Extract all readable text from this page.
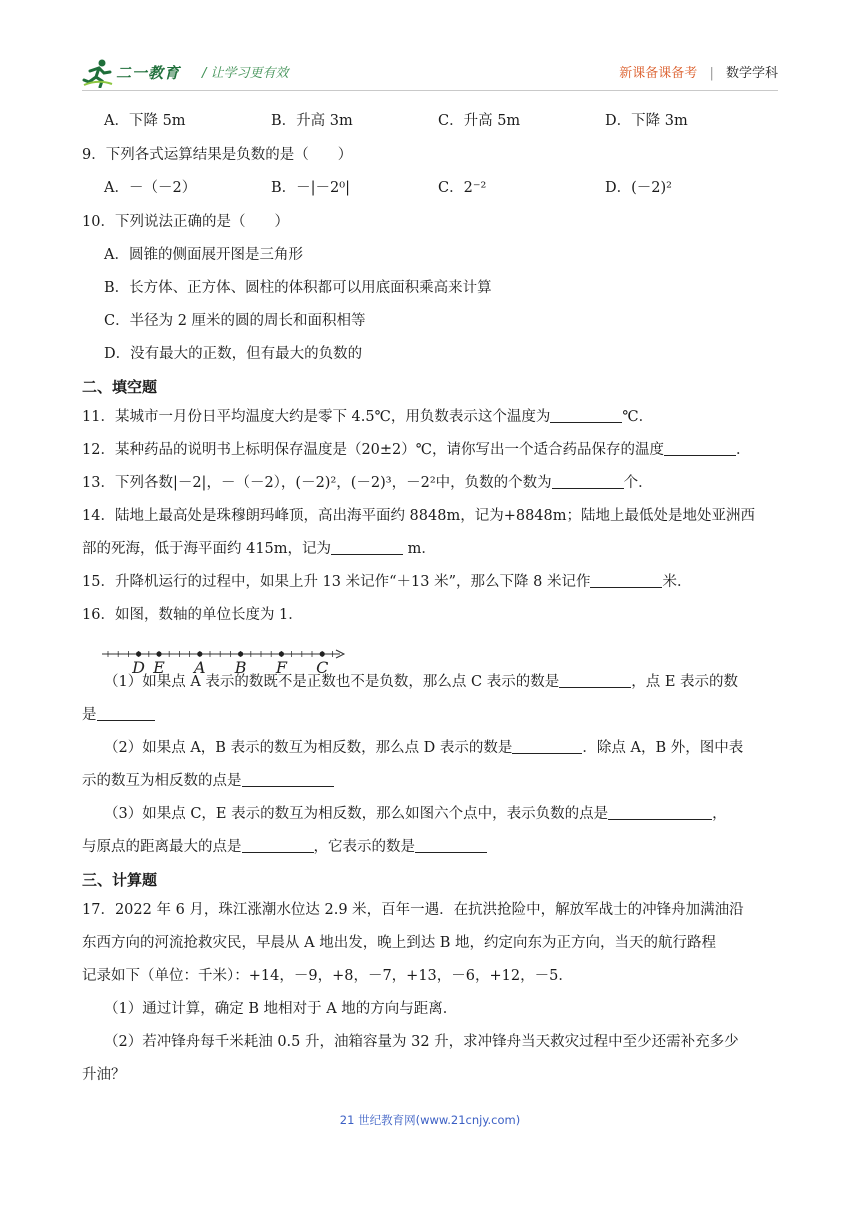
二一教育 / 让学习更有效	新课备课备考 | 数学学科
A．下降 5m	B．升高 3m	C．升高 5m	D．下降 3m
9．下列各式运算结果是负数的是（　　）
A．－（－2）	B．－|－2⁰|	C．2⁻²	D．(－2)²
10．下列说法正确的是（　　）
A．圆锥的侧面展开图是三角形
B．长方体、正方体、圆柱的体积都可以用底面积乘高来计算
C．半径为 2 厘米的圆的周长和面积相等
D．没有最大的正数，但有最大的负数的
二、填空题
11．某城市一月份日平均温度大约是零下 4.5℃，用负数表示这个温度为	℃．
12．某种药品的说明书上标明保存温度是（20±2）℃，请你写出一个适合药品保存的温度	．
13．下列各数|－2|，－（－2），(－2)²，(－2)³，－2²中，负数的个数为	个．
14．陆地上最高处是珠穆朗玛峰顶，高出海平面约 8848m，记为+8848m；陆地上最低处是地处亚洲西
部的死海，低于海平面约 415m，记为	m．
15．升降机运行的过程中，如果上升 13 米记作“＋13 米”，那么下降 8 米记作	米．
16．如图，数轴的单位长度为 1．
（1）如果点 A 表示的数既不是正数也不是负数，那么点 C 表示的数是	，点 E 表示的数
是
（2）如果点 A，B 表示的数互为相反数，那么点 D 表示的数是	．除点 A，B 外，图中表
示的数互为相反数的点是
（3）如果点 C，E 表示的数互为相反数，那么如图六个点中，表示负数的点是	，
与原点的距离最大的点是	，它表示的数是
三、计算题
17．2022 年 6 月，珠江涨潮水位达 2.9 米，百年一遇．在抗洪抢险中，解放军战士的冲锋舟加满油沿
东西方向的河流抢救灾民，早晨从 A 地出发，晚上到达 B 地，约定向东为正方向，当天的航行路程
记录如下（单位：千米）：+14，－9，+8，－7，+13，－6，+12，－5．
（1）通过计算，确定 B 地相对于 A 地的方向与距离．
（2）若冲锋舟每千米耗油 0.5 升，油箱容量为 32 升，求冲锋舟当天救灾过程中至少还需补充多少
升油？
D E A B F C
21 世纪教育网(www.21cnjy.com)
